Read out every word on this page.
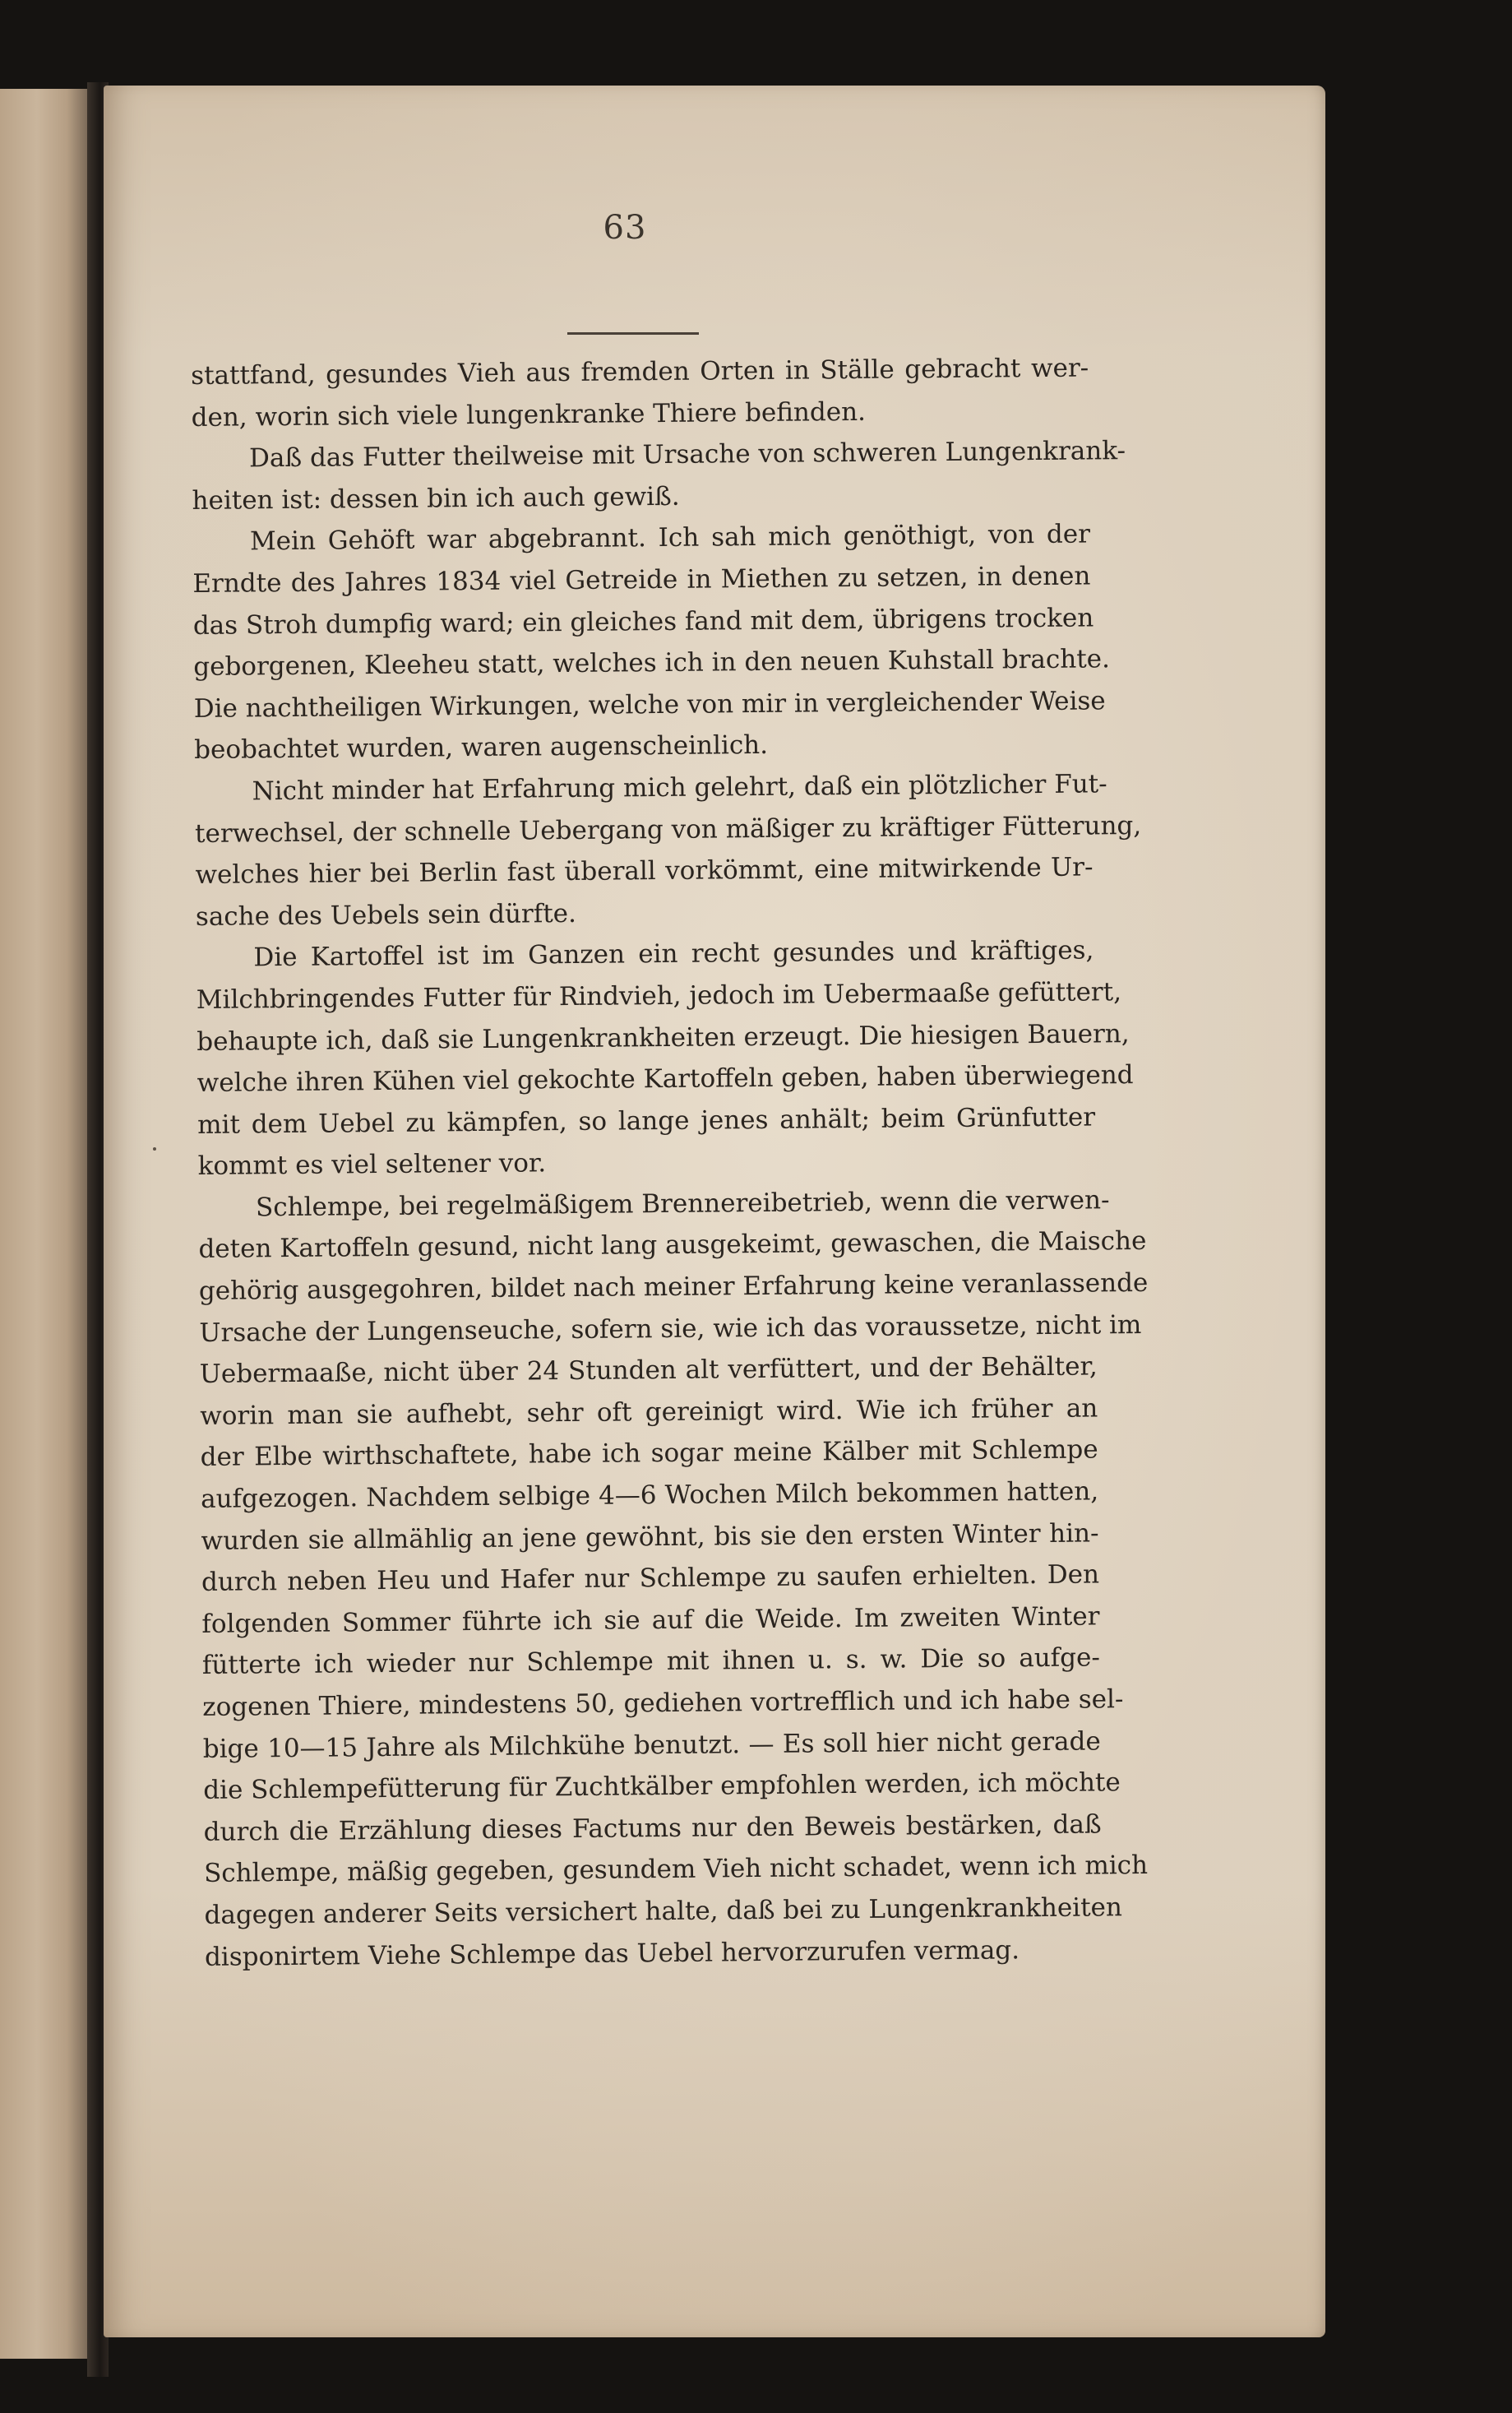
63
stattfand, gesundes Vieh aus fremden Orten in Ställe gebracht wer-
den, worin sich viele lungenkranke Thiere befinden.
Daß das Futter theilweise mit Ursache von schweren Lungenkrank-
heiten ist: dessen bin ich auch gewiß.
Mein Gehöft war abgebrannt. Ich sah mich genöthigt, von der
Erndte des Jahres 1834 viel Getreide in Miethen zu setzen, in denen
das Stroh dumpfig ward; ein gleiches fand mit dem, übrigens trocken
geborgenen, Kleeheu statt, welches ich in den neuen Kuhstall brachte.
Die nachtheiligen Wirkungen, welche von mir in vergleichender Weise
beobachtet wurden, waren augenscheinlich.
Nicht minder hat Erfahrung mich gelehrt, daß ein plötzlicher Fut-
terwechsel, der schnelle Uebergang von mäßiger zu kräftiger Fütterung,
welches hier bei Berlin fast überall vorkömmt, eine mitwirkende Ur-
sache des Uebels sein dürfte.
Die Kartoffel ist im Ganzen ein recht gesundes und kräftiges,
Milchbringendes Futter für Rindvieh, jedoch im Uebermaaße gefüttert,
behaupte ich, daß sie Lungenkrankheiten erzeugt. Die hiesigen Bauern,
welche ihren Kühen viel gekochte Kartoffeln geben, haben überwiegend
mit dem Uebel zu kämpfen, so lange jenes anhält; beim Grünfutter
kommt es viel seltener vor.
Schlempe, bei regelmäßigem Brennereibetrieb, wenn die verwen-
deten Kartoffeln gesund, nicht lang ausgekeimt, gewaschen, die Maische
gehörig ausgegohren, bildet nach meiner Erfahrung keine veranlassende
Ursache der Lungenseuche, sofern sie, wie ich das voraussetze, nicht im
Uebermaaße, nicht über 24 Stunden alt verfüttert, und der Behälter,
worin man sie aufhebt, sehr oft gereinigt wird. Wie ich früher an
der Elbe wirthschaftete, habe ich sogar meine Kälber mit Schlempe
aufgezogen. Nachdem selbige 4—6 Wochen Milch bekommen hatten,
wurden sie allmählig an jene gewöhnt, bis sie den ersten Winter hin-
durch neben Heu und Hafer nur Schlempe zu saufen erhielten. Den
folgenden Sommer führte ich sie auf die Weide. Im zweiten Winter
fütterte ich wieder nur Schlempe mit ihnen u. s. w. Die so aufge-
zogenen Thiere, mindestens 50, gediehen vortrefflich und ich habe sel-
bige 10—15 Jahre als Milchkühe benutzt. — Es soll hier nicht gerade
die Schlempefütterung für Zuchtkälber empfohlen werden, ich möchte
durch die Erzählung dieses Factums nur den Beweis bestärken, daß
Schlempe, mäßig gegeben, gesundem Vieh nicht schadet, wenn ich mich
dagegen anderer Seits versichert halte, daß bei zu Lungenkrankheiten
disponirtem Viehe Schlempe das Uebel hervorzurufen vermag.
